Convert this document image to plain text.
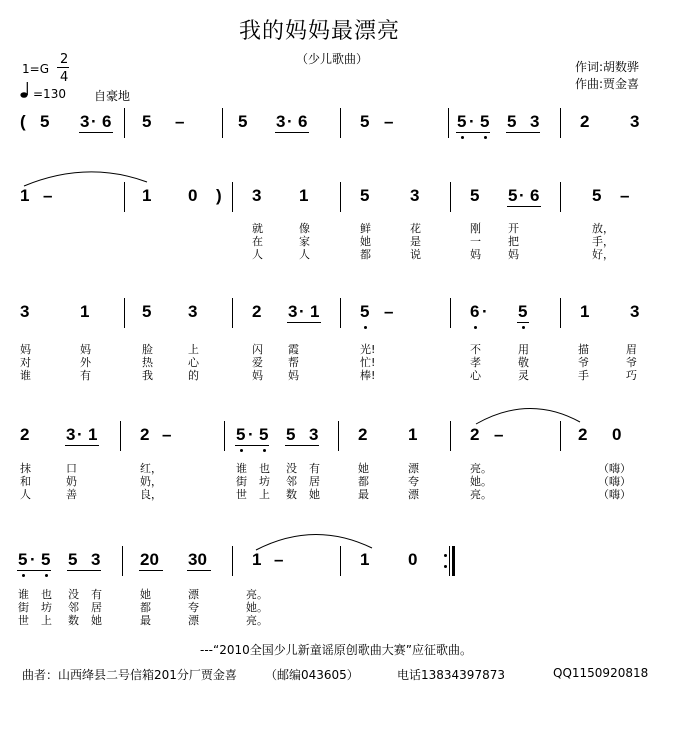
我的妈妈最漂亮
（少儿歌曲）
1=G
2
4
=130 自豪地
作词:胡数骅
作曲:贾金喜
( 5 3 · 6 5 –	5 3 · 6	5 –	5 · 5 5 3 2 3
1 –	1 0 ) 3 1	5 3	5 5 · 6	5 –
就	像	鲜	花	刚 开	放，
在	家	她	是	一 把	手，
人	人	都	说	妈 妈	好，
3	1	5 3	2 3 · 1 5 –	6 · 5	1 3
妈	妈	脸	上	闪 霞	光!	不	用	描	眉
对	外	热	心	爱 帮	忙!	孝	敬	爷	爷
谁	有	我	的	妈 妈	棒!	心	灵	手	巧
2 3 · 1	2 –	5 · 5 5 3 2 1	2 –	2 0
抹	口	红，	谁 也 没 有	她	漂	亮。	（嗨）
和	奶	奶，	街 坊 邻 居	都	夸	她。	（嗨）
人	善	良，	世 上 数 她	最	漂	亮。	（嗨）
5 · 5 5 3 20 30	1 –	1 0
谁 也 没 有	她	漂	亮。
街 坊 邻 居	都	夸	她。
世 上 数 她	最	漂	亮。
---“2010全国少儿新童谣原创歌曲大赛”应征歌曲。
曲者：山西绛县二号信箱201分厂贾金喜 （邮编043605）	电话13834397873	QQ1150920818
